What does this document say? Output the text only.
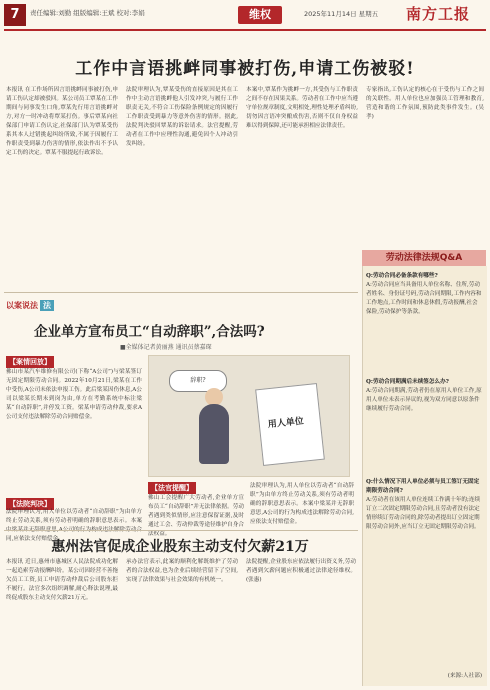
7	责任编辑:刘勤 组版编辑:王斌 校对:李娟	维权	2025年11月14日 星期五 南方工报
工作中言语挑衅同事被打伤,申请工伤被驳!
本报讯 在工作场所因言语挑衅同事被打伤,申请工伤认定却被驳回。某公司员工覃某在工作期间与同事发生口角,覃某先行用言语挑衅对方,对方一时冲动将覃某打伤。事后覃某向社保部门申请工伤认定,社保部门认为覃某受伤系其本人过错挑起纠纷所致,不属于因履行工作职责受到暴力伤害的情形,依法作出不予认定工伤的决定。覃某不服提起行政诉讼。
法院审理认为,覃某受伤的直接原因是其在工作中主动言语挑衅他人引发冲突,与履行工作职责无关,不符合工伤保险条例规定的因履行工作职责受到暴力等意外伤害的情形。据此,法院判决驳回覃某的诉讼请求。法官提醒,劳动者在工作中应理性沟通,避免因个人冲动引发纠纷。
本案中,覃某作为挑衅一方,其受伤与工作职责之间不存在因果关系。劳动者在工作中应当遵守单位规章制度,文明相处,理性处理矛盾纠纷,切勿因言语冲突酿成伤害,否则不仅自身权益难以得到保障,还可能承担相应法律责任。
专家指出,工伤认定的核心在于受伤与工作之间的关联性。用人单位也应加强员工管理和教育,营造和谐的工作氛围,预防此类事件发生。(吴孝)
以案说法 法
企业单方宣布员工“自动辞职”,合法吗?
■全媒体记者黄丽燕 通讯员蔡嘉琛
【案情回放】
佛山市某汽车维修有限公司(下称“A公司”)与梁某签订无固定期限劳动合同。2022年10月21日,梁某在工作中受伤,A公司未依法申报工伤。此后梁某因伤休息,A公司以梁某长期未到岗为由,单方在考勤系统中标注梁某“自动辞职”,并停发工资。梁某申请劳动仲裁,要求A公司支付违法解除劳动合同赔偿金。
【法院判决】
法院审理认为,用人单位以劳动者“自动辞职”为由单方终止劳动关系,须有劳动者明确的辞职意思表示。本案 同,应依法支付赔偿金。
辞职?
用人单位
【法官提醒】
佛山工会提醒广大劳动者,企业单方宣布员工“自动辞职”并无法律依据。劳动者遇到类似情形,应注意保留证据,及时通过工会、劳动仲裁等途径维护自身合法权益。
法院审理认为,用人单位以劳动者“自动辞职”为由单方终止劳动关系,须有劳动者明确的辞职意思表示。本案中梁某并无辞职意思,A公司的行为构成违法解除劳动合同,应依法支付赔偿金。
劳动法律法规Q&A
Q:劳动合同必备条款有哪些?
A:劳动合同应当具备用人单位名称、住所,劳动者姓名、身份证号码,劳动合同期限,工作内容和工作地点,工作时间和休息休假,劳动报酬,社会保险,劳动保护等条款。
Q:劳动合同期满后未续签怎么办?
A:劳动合同期满,劳动者仍在原用人单位工作,原用人单位未表示异议的,视为双方同意以原条件继续履行劳动合同。
Q:什么情况下用人单位必须与员工签订无固定期限劳动合同?
A:劳动者在该用人单位连续工作满十年的;连续订立二次固定期限劳动合同,且劳动者没有法定情形续订劳动合同的,除劳动者提出订立固定期限劳动合同外,应当订立无固定期限劳动合同。
(来源:人社部)
惠州法官促成企业股东主动支付欠薪21万
本报讯 近日,惠州市惠城区人民法院成功化解一起追索劳动报酬纠纷。某公司因经营不善拖欠员工工资,员工申请劳动仲裁后公司股东拒不履行。法官多次组织调解,耐心释法说理,最终促成股东主动支付欠薪21万元。
承办法官表示,此案的顺利化解既维护了劳动者的合法权益,也为企业后续经营留下了空间,实现了法律效果与社会效果的有机统一。
法院提醒,企业股东应依法履行出资义务,劳动者遇到欠薪问题应积极通过法律途径维权。(张惠)
